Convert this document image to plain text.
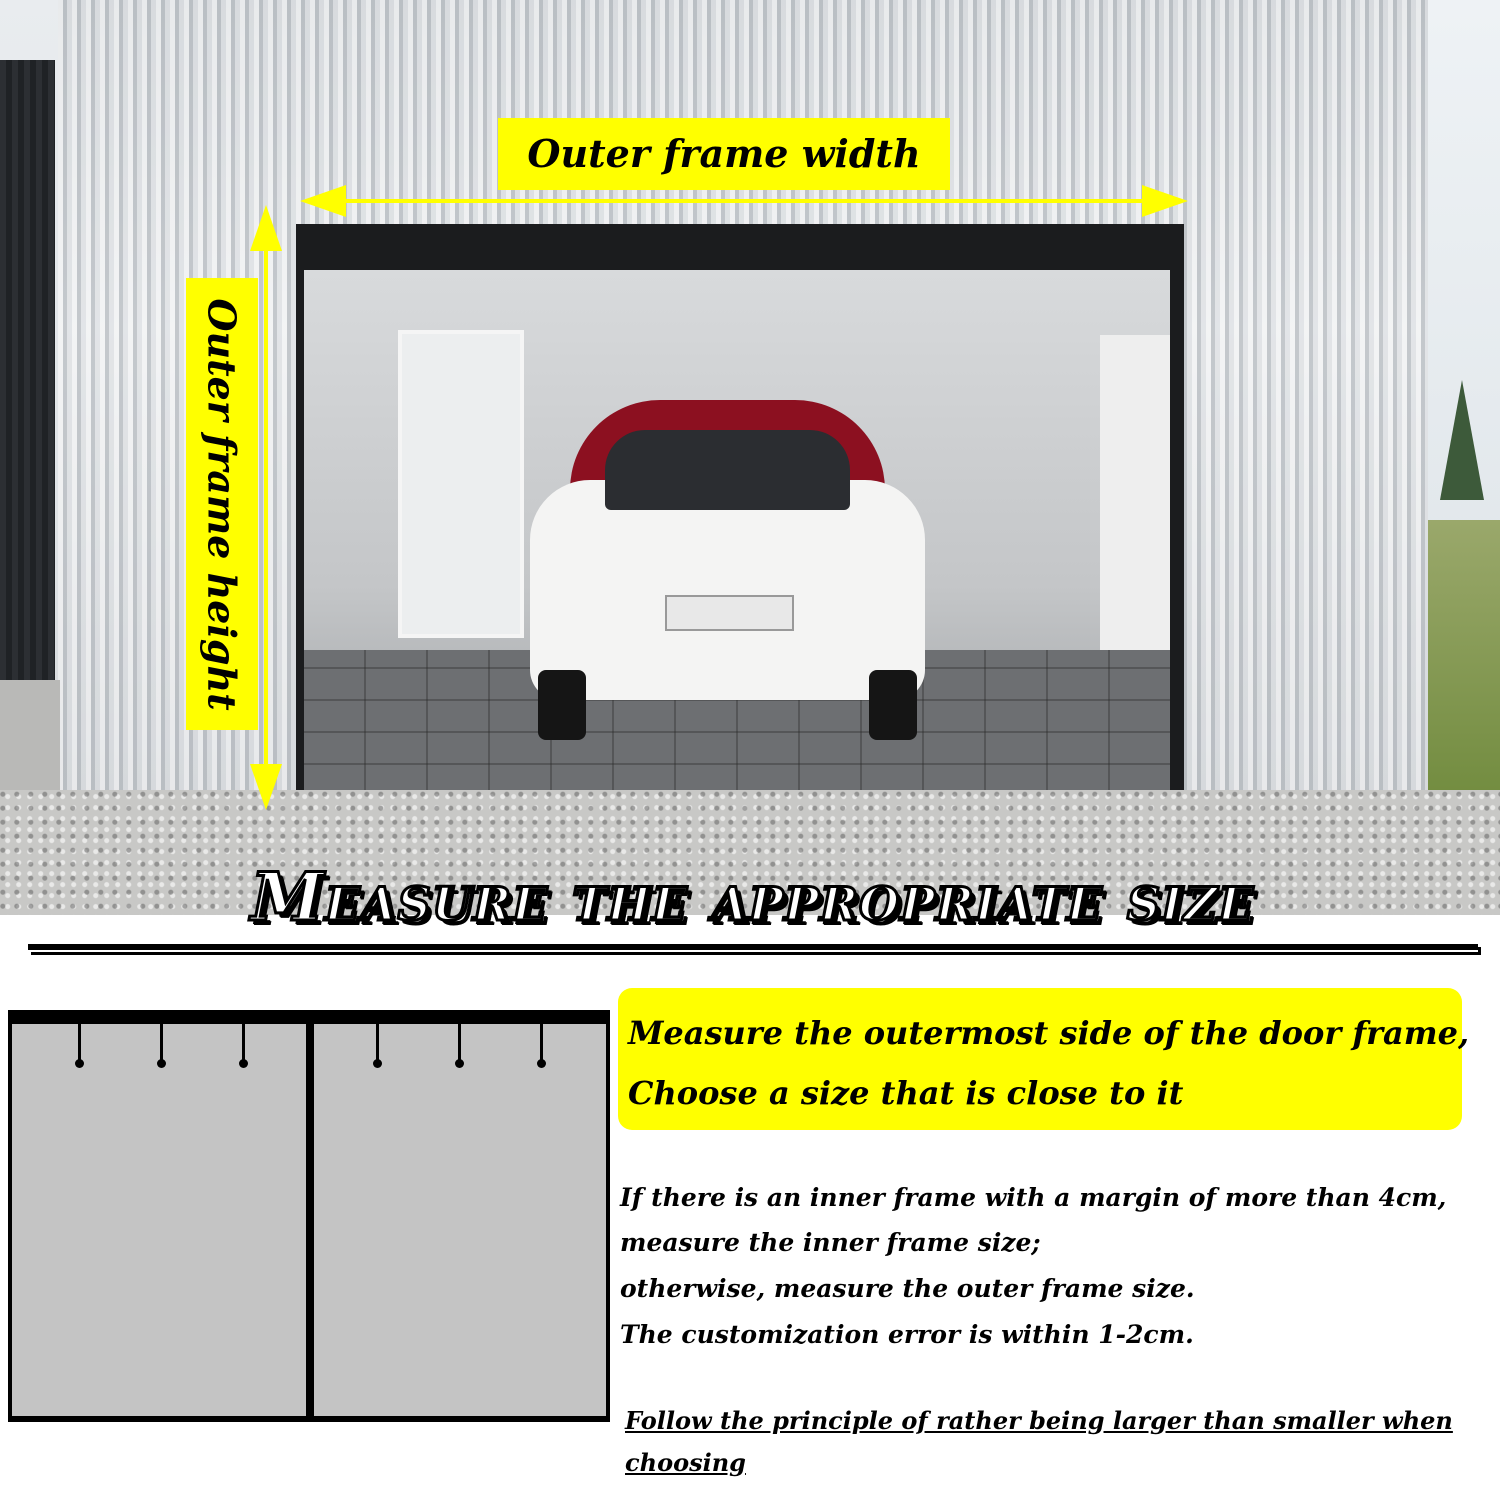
Outer frame width
Outer frame height
Measure the appropriate size
Measure the outermost side of the door frame,
Choose a size that is close to it
If there is an inner frame with a margin of more than 4cm,
measure the inner frame size;
otherwise, measure the outer frame size.
The customization error is within 1-2cm.
Follow the principle of rather being larger than smaller when choosing
